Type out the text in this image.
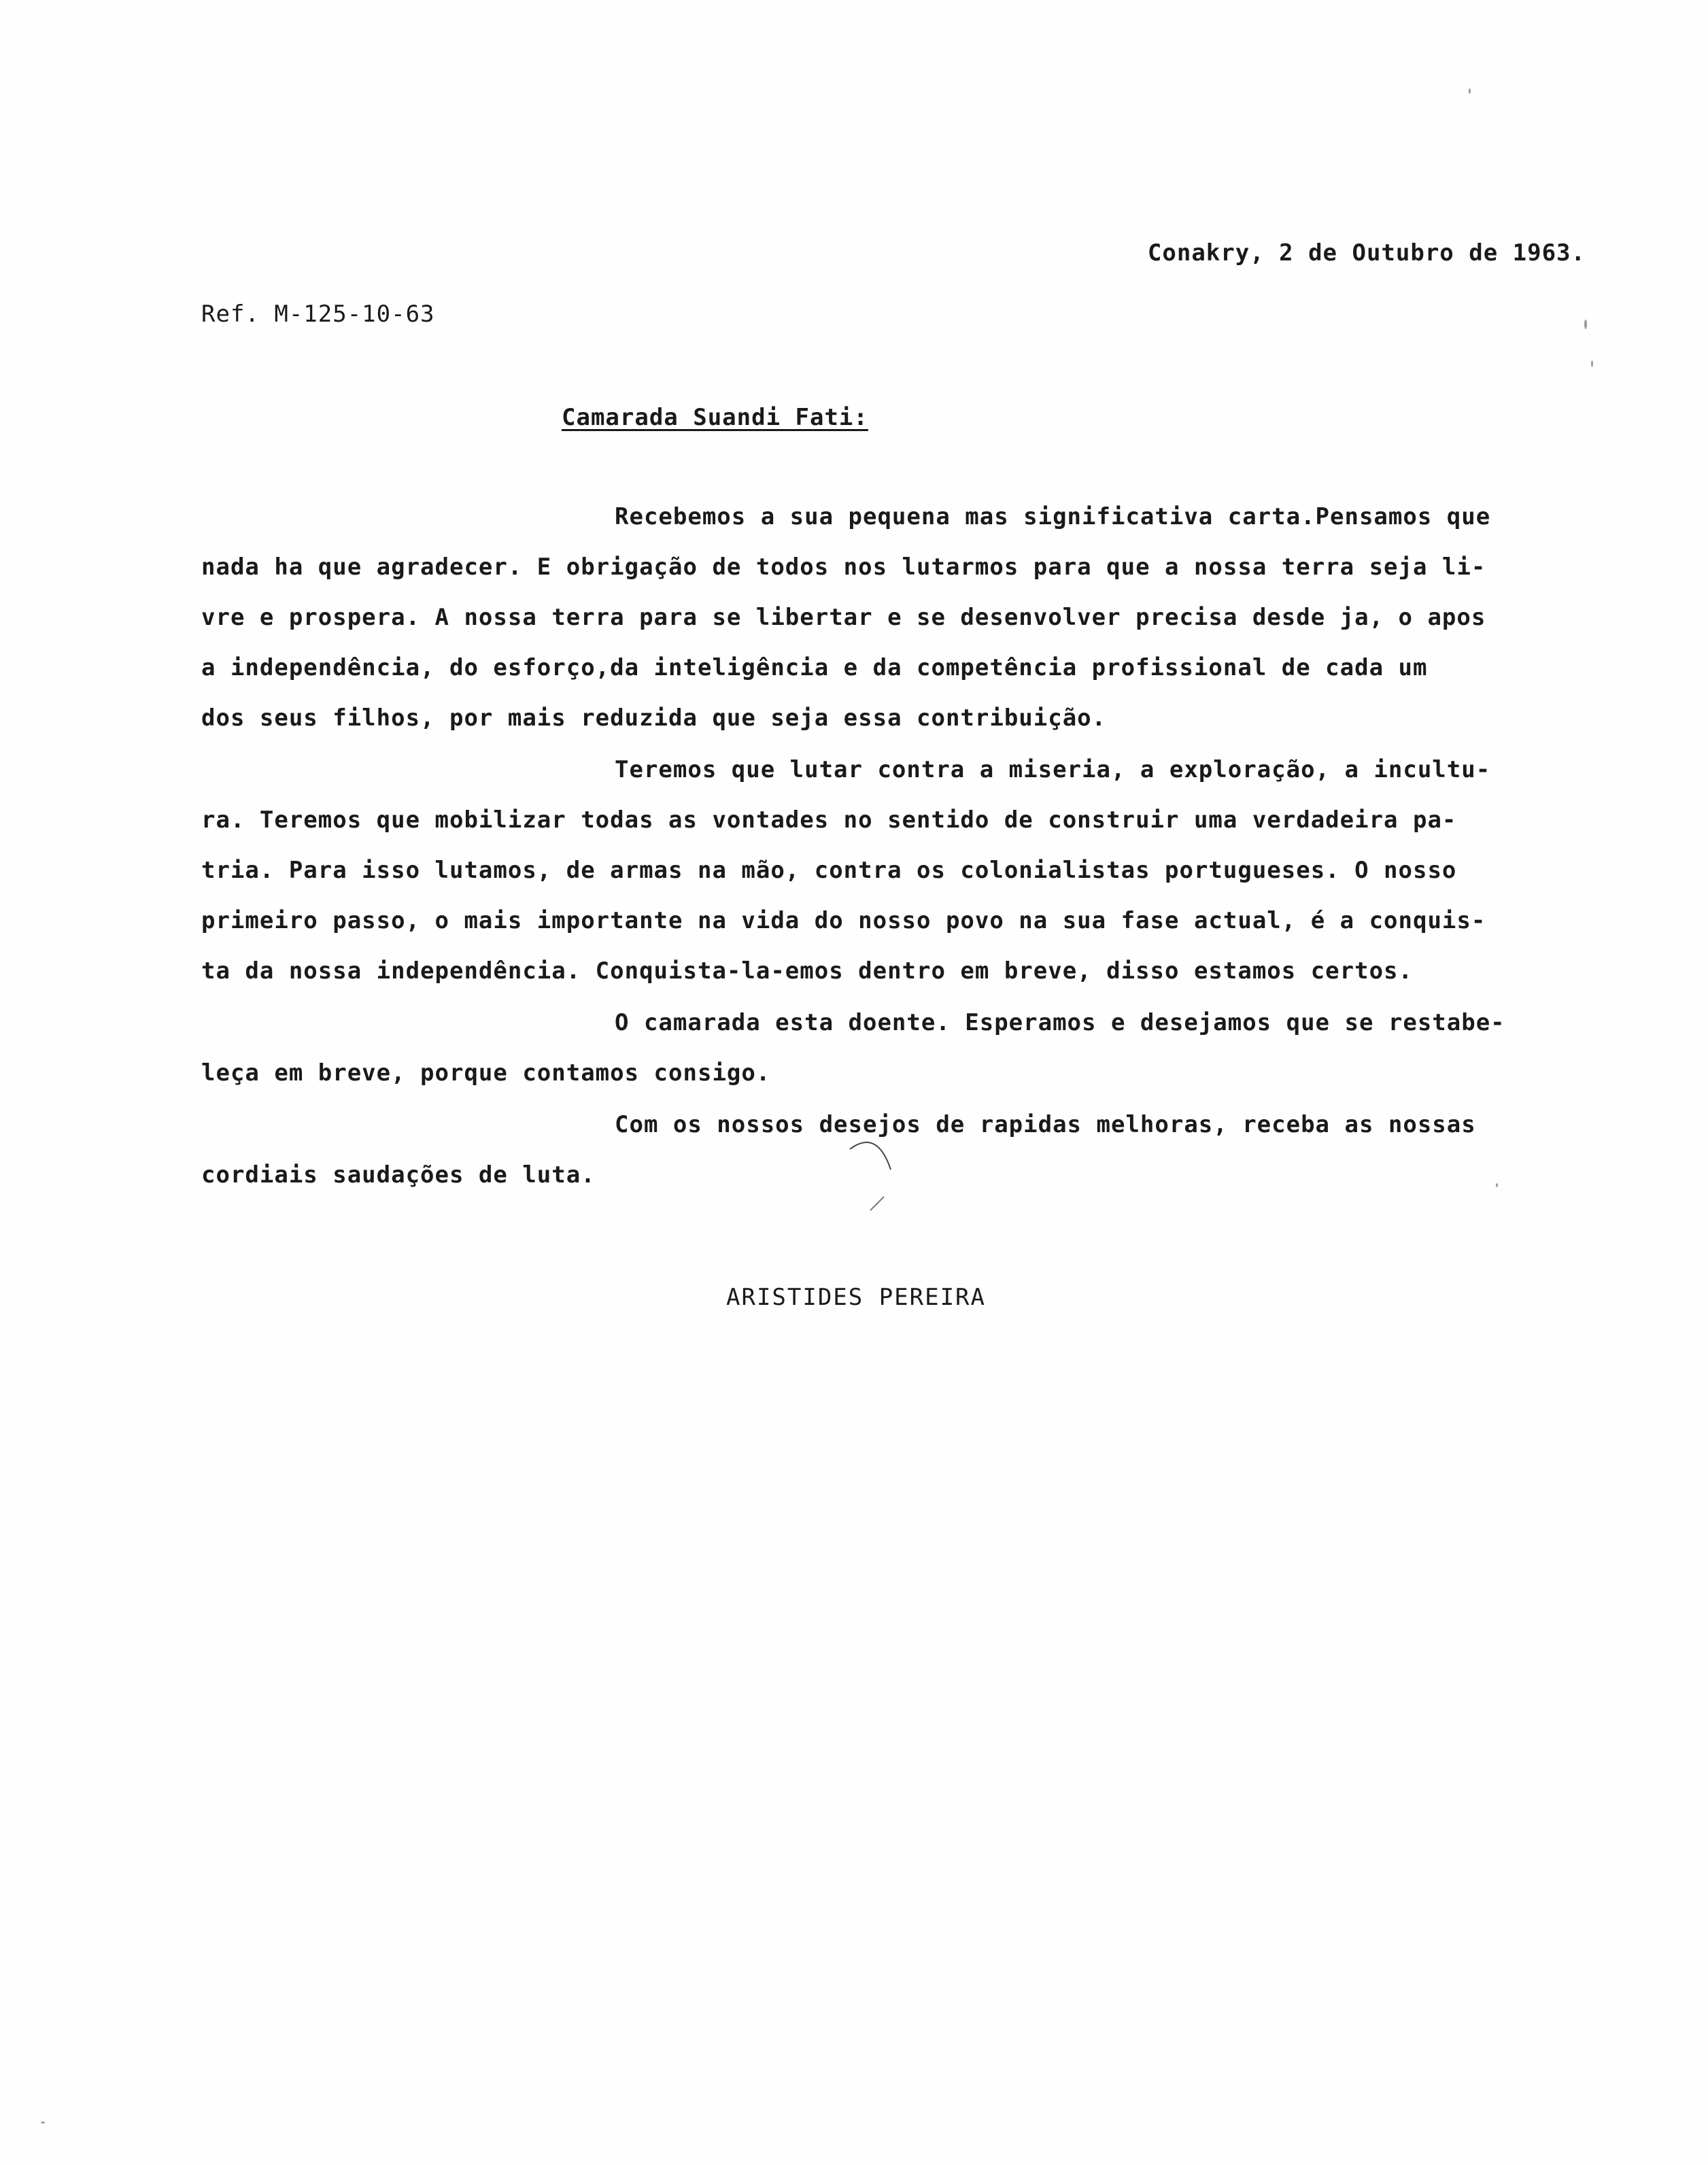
Conakry, 2 de Outubro de 1963.
Ref. M-125-10-63
Camarada Suandi Fati:
Recebemos a sua pequena mas significativa carta.Pensamos que
nada ha que agradecer. E obrigação de todos nos lutarmos para que a nossa terra seja li-
vre e prospera. A nossa terra para se libertar e se desenvolver precisa desde ja, o apos
a independência, do esforço,da inteligência e da competência profissional de cada um
dos seus filhos, por mais reduzida que seja essa contribuição.
Teremos que lutar contra a miseria, a exploração, a incultu-
ra. Teremos que mobilizar todas as vontades no sentido de construir uma verdadeira pa-
tria. Para isso lutamos, de armas na mão, contra os colonialistas portugueses. O nosso
primeiro passo, o mais importante na vida do nosso povo na sua fase actual, é a conquis-
ta da nossa independência. Conquista-la-emos dentro em breve, disso estamos certos.
O camarada esta doente. Esperamos e desejamos que se restabe-
leça em breve, porque contamos consigo.
Com os nossos desejos de rapidas melhoras, receba as nossas
cordiais saudações de luta.
ARISTIDES PEREIRA
